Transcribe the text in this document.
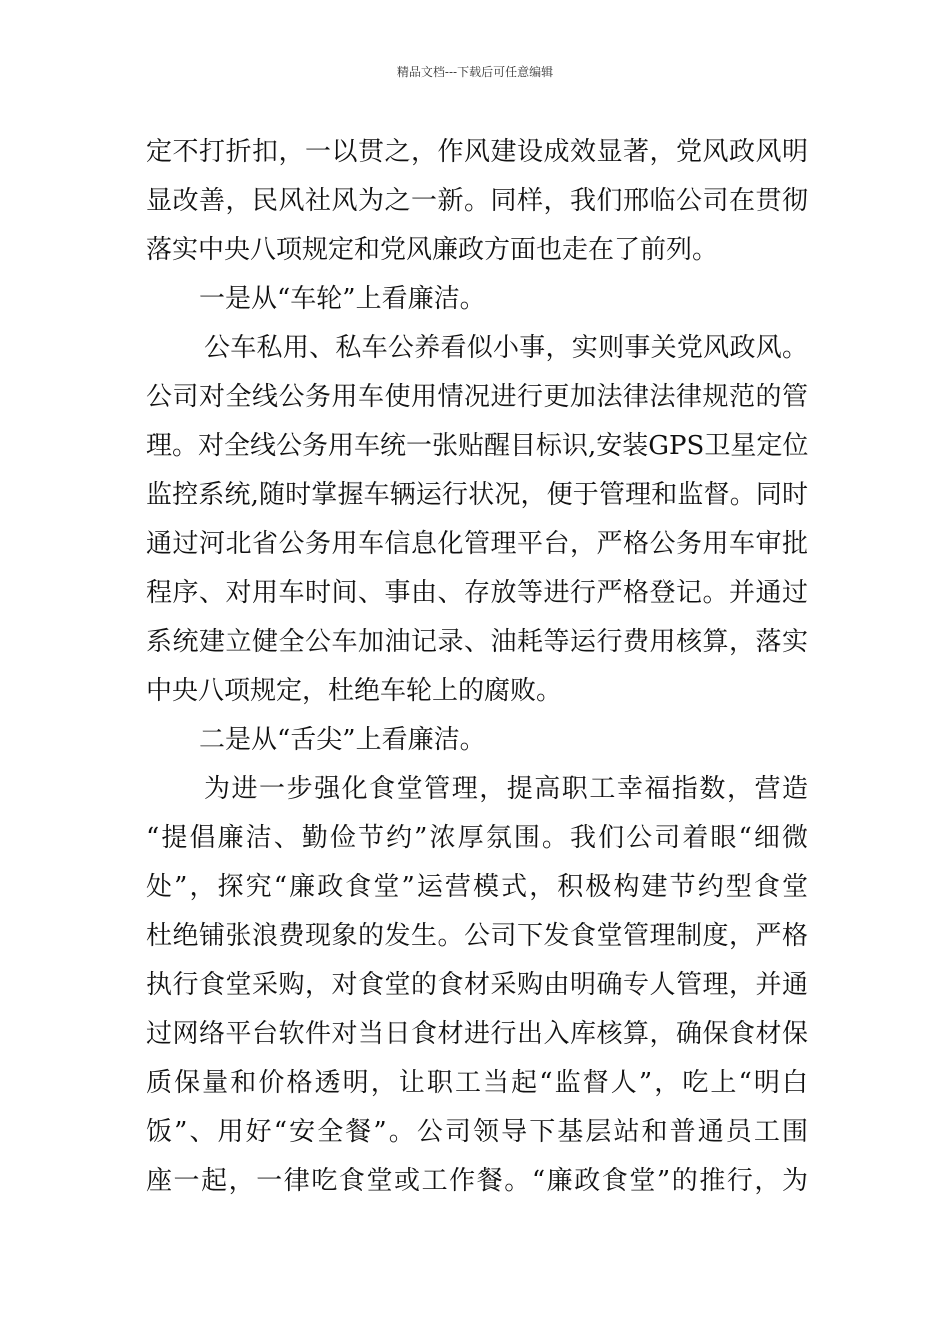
精品文档---下载后可任意编辑
定不打折扣，一以贯之，作风建设成效显著，党风政风明
显改善，民风社风为之一新。同样，我们邢临公司在贯彻
落实中央八项规定和党风廉政方面也走在了前列。
一是从“车轮”上看廉洁。
公车私用、私车公养看似小事，实则事关党风政风。
公司对全线公务用车使用情况进行更加法律法律规范的管
理。对全线公务用车统一张贴醒目标识,安装GPS卫星定位
监控系统,随时掌握车辆运行状况，便于管理和监督。同时
通过河北省公务用车信息化管理平台，严格公务用车审批
程序、对用车时间、事由、存放等进行严格登记。并通过
系统建立健全公车加油记录、油耗等运行费用核算，落实
中央八项规定，杜绝车轮上的腐败。
二是从“舌尖”上看廉洁。
为进一步强化食堂管理，提高职工幸福指数，营造
“提倡廉洁、勤俭节约”浓厚氛围。我们公司着眼“细微
处”，探究“廉政食堂”运营模式，积极构建节约型食堂
杜绝铺张浪费现象的发生。公司下发食堂管理制度，严格
执行食堂采购，对食堂的食材采购由明确专人管理，并通
过网络平台软件对当日食材进行出入库核算，确保食材保
质保量和价格透明，让职工当起“监督人”，吃上“明白
饭”、用好“安全餐”。公司领导下基层站和普通员工围
座一起，一律吃食堂或工作餐。“廉政食堂”的推行，为
